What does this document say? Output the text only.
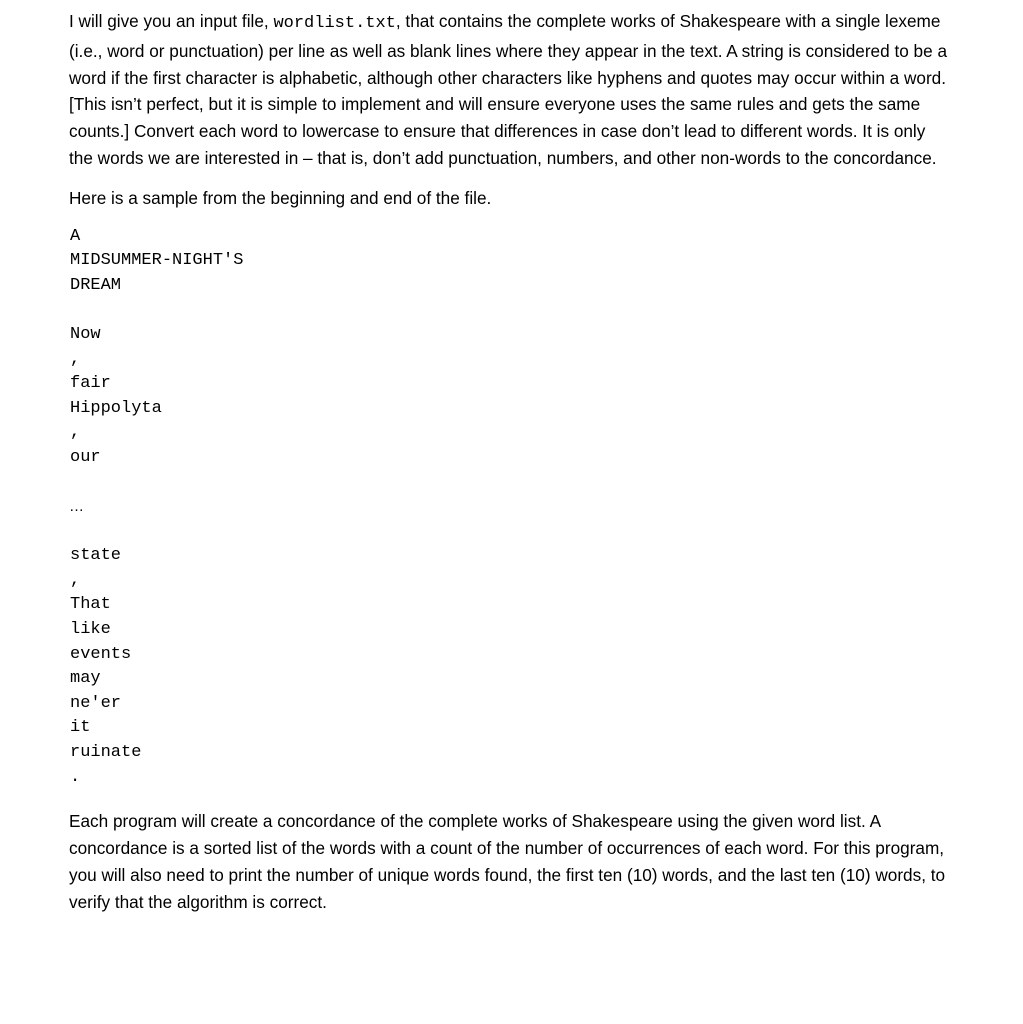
I will give you an input file, wordlist.txt, that contains the complete works of Shakespeare with a single lexeme (i.e., word or punctuation) per line as well as blank lines where they appear in the text. A string is considered to be a word if the first character is alphabetic, although other characters like hyphens and quotes may occur within a word. [This isn’t perfect, but it is simple to implement and will ensure everyone uses the same rules and gets the same counts.] Convert each word to lowercase to ensure that differences in case don’t lead to different words. It is only the words we are interested in – that is, don’t add punctuation, numbers, and other non-words to the concordance.

Here is a sample from the beginning and end of the file.

A
MIDSUMMER-NIGHT'S
DREAM
Now
,
fair
Hippolyta
,
our
…
state
,
That
like
events
may
ne'er
it
ruinate
.

Each program will create a concordance of the complete works of Shakespeare using the given word list. A concordance is a sorted list of the words with a count of the number of occurrences of each word. For this program, you will also need to print the number of unique words found, the first ten (10) words, and the last ten (10) words, to verify that the algorithm is correct.
